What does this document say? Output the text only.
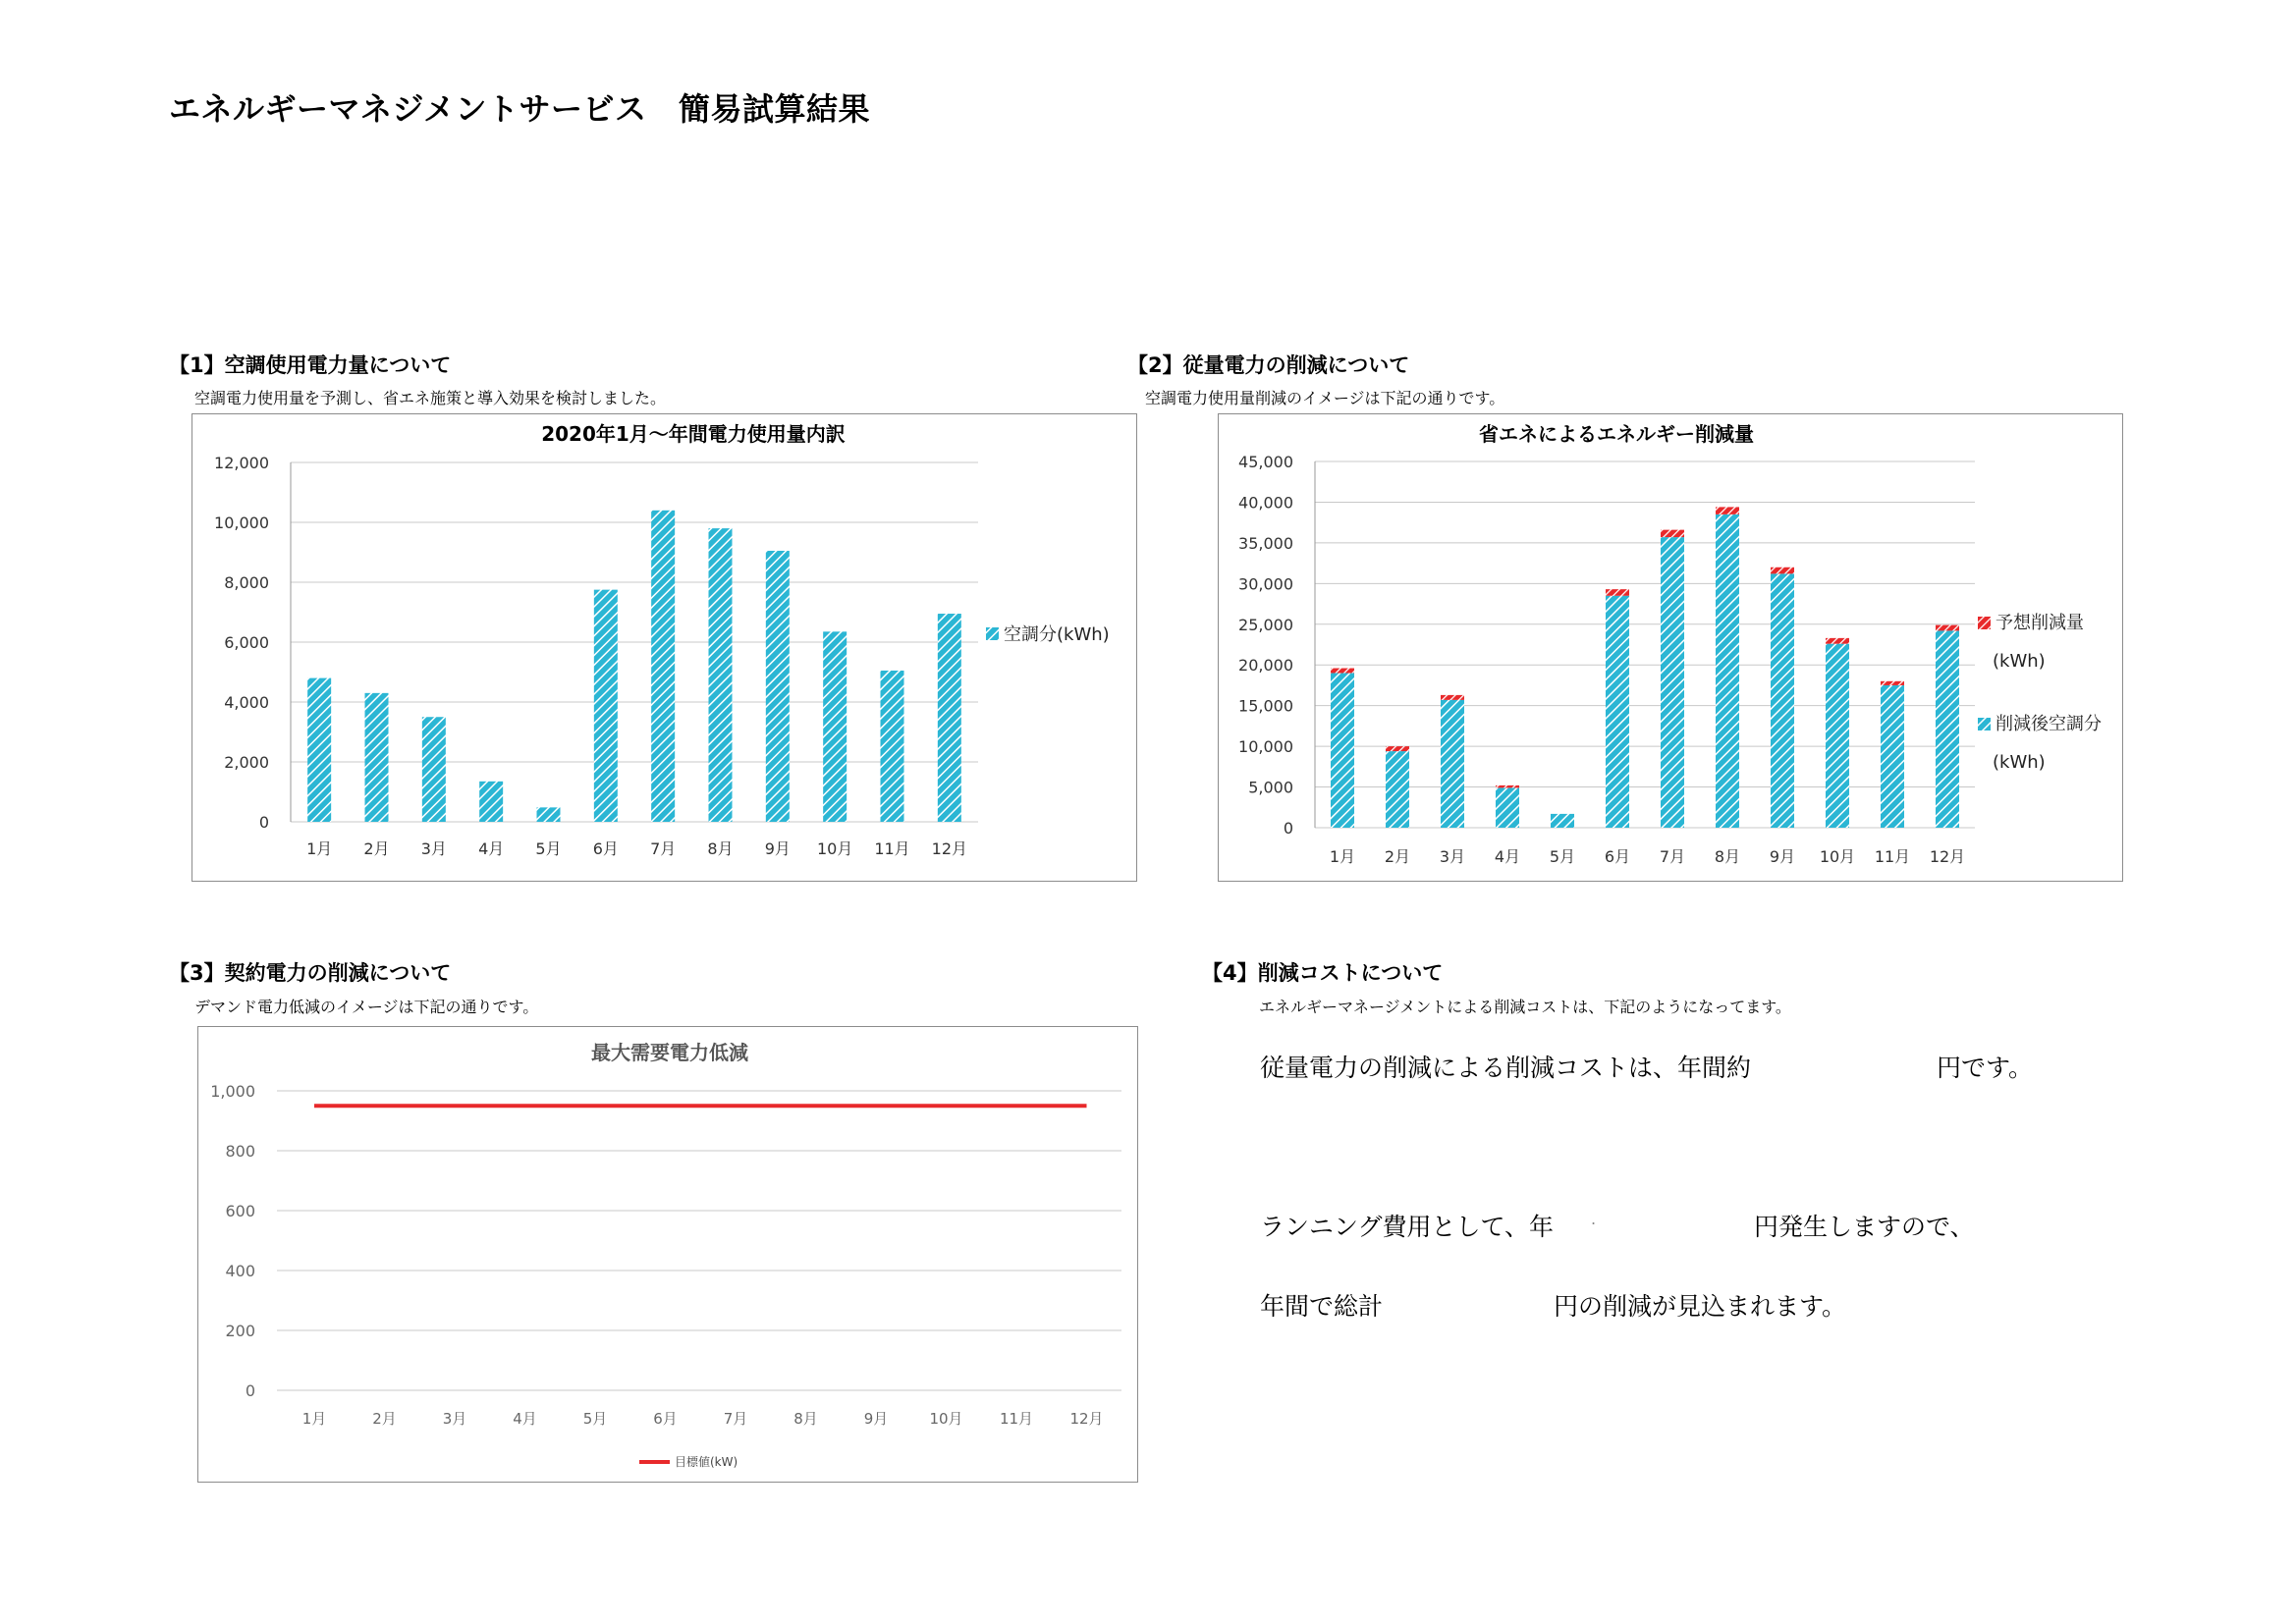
エネルギーマネジメントサービス　簡易試算結果
【1】空調使用電力量について
空調電力使用量を予測し、省エネ施策と導入効果を検討しました。
2020年1月～年間電力使用量内訳
0
2,000
4,000
6,000
8,000
10,000
12,000
1月 2月 3月 4月 5月 6月 7月 8月 9月 10月 11月 12月
空調分(kWh)
【2】従量電力の削減について
空調電力使用量削減のイメージは下記の通りです。
省エネによるエネルギー削減量
0
5,000
10,000
15,000
20,000
25,000
30,000
35,000
40,000
45,000
1月 2月 3月 4月 5月 6月 7月 8月 9月 10月 11月 12月
予想削減量
(kWh)
削減後空調分
(kWh)
【3】契約電力の削減について
デマンド電力低減のイメージは下記の通りです。
最大需要電力低減
0
200
400
600
800
1,000
1月	2月	3月	4月	5月	6月	7月	8月	9月	10月 11月 12月
目標値(kW)
【4】削減コストについて
エネルギーマネージメントによる削減コストは、下記のようになってます。
従量電力の削減による削減コストは、年間約	円です。
ランニング費用として、年 .	円発生しますので、
年間で総計	円の削減が見込まれます。
